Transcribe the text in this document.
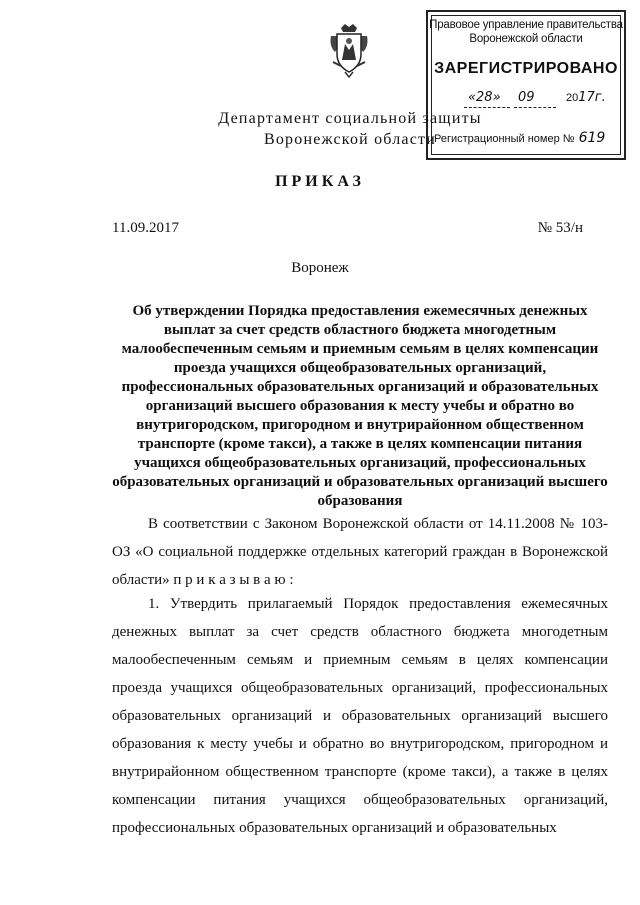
Правовое управление правительства
Воронежской области
ЗАРЕГИСТРИРОВАНО
«28» 09	2017г.
Регистрационный номер № 619
Департамент социальной защиты
Воронежской области
ПРИКАЗ
11.09.2017	№ 53/н
Воронеж
Об утверждении Порядка предоставления ежемесячных денежных выплат за счет средств областного бюджета многодетным малообеспеченным семьям и приемным семьям в целях компенсации проезда учащихся общеобразовательных организаций, профессиональных образовательных организаций и образовательных организаций высшего образования к месту учебы и обратно во внутригородском, пригородном и внутрирайонном общественном транспорте (кроме такси), а также в целях компенсации питания учащихся общеобразовательных организаций, профессиональных образовательных организаций и образовательных организаций высшего образования

В соответствии с Законом Воронежской области от 14.11.2008 № 103-ОЗ «О социальной поддержке отдельных категорий граждан в Воронежской области» п р и к а з ы в а ю :

1. Утвердить прилагаемый Порядок предоставления ежемесячных денежных выплат за счет средств областного бюджета многодетным малообеспеченным семьям и приемным семьям в целях компенсации проезда учащихся общеобразовательных организаций, профессиональных образовательных организаций и образовательных организаций высшего образования к месту учебы и обратно во внутригородском, пригородном и внутрирайонном общественном транспорте (кроме такси), а также в целях компенсации питания учащихся общеобразовательных организаций, профессиональных образовательных организаций и образовательных
